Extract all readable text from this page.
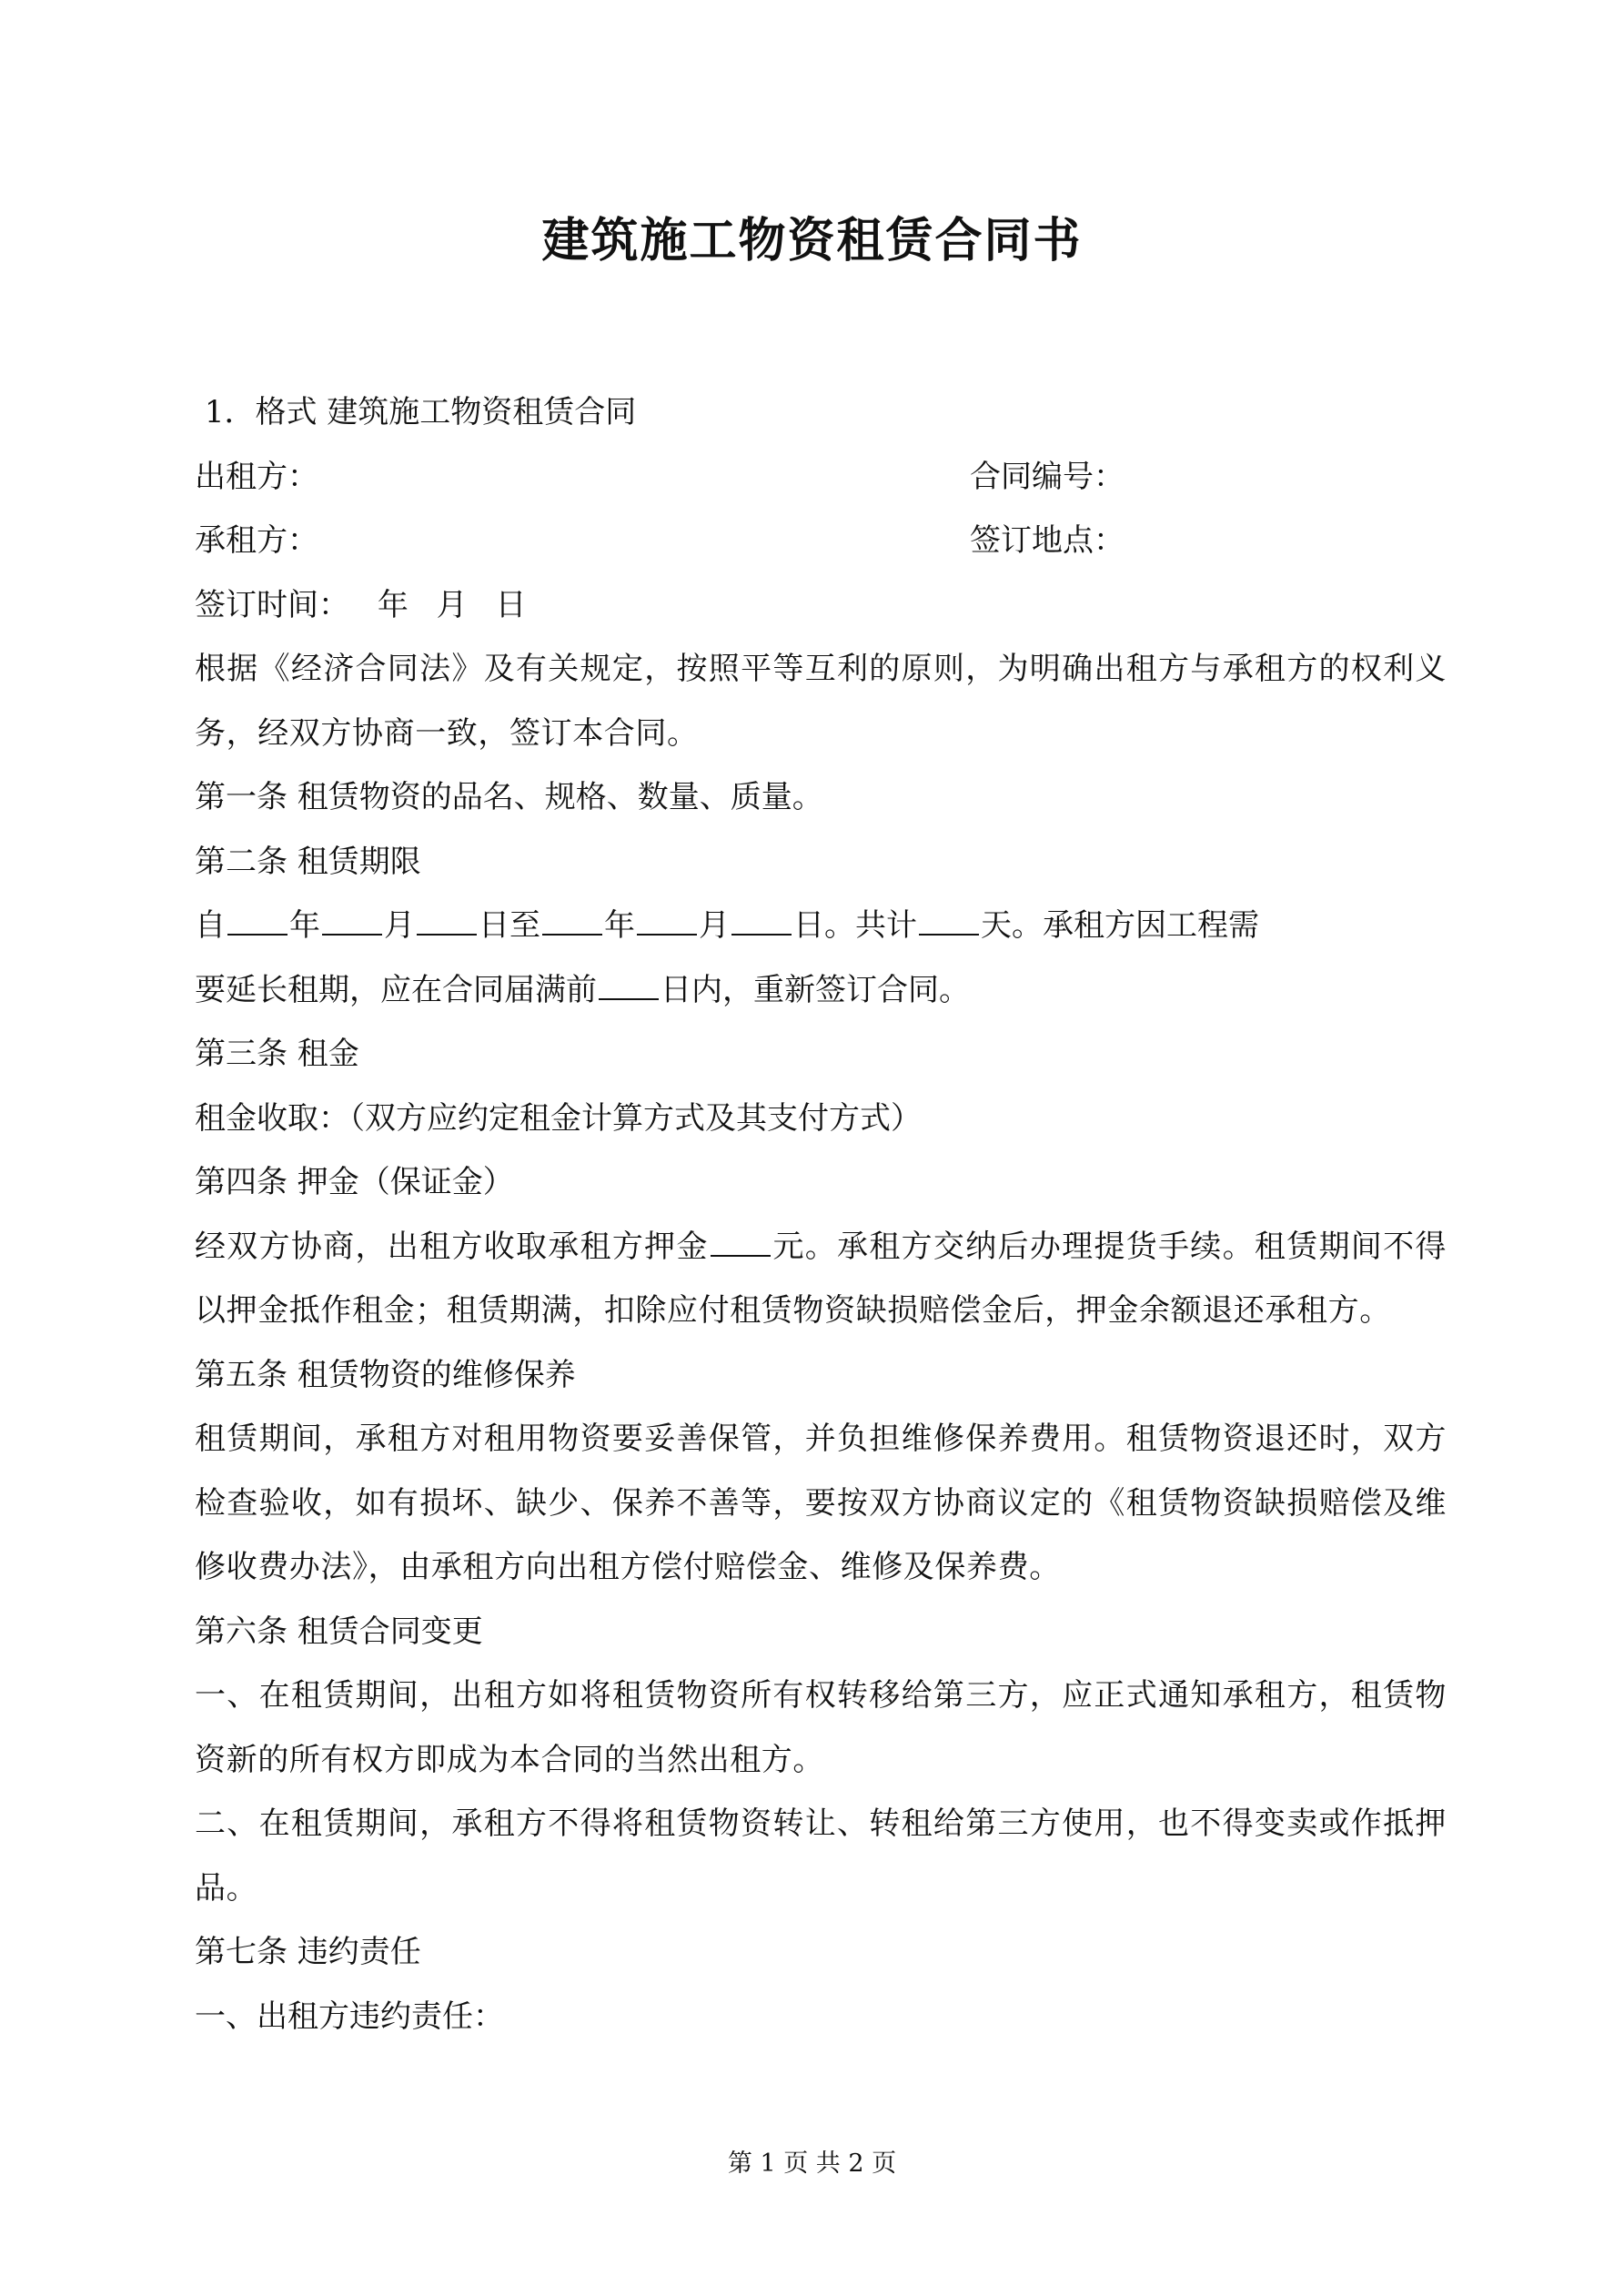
建筑施工物资租赁合同书

1．格式 建筑施工物资租赁合同

出租方：	合同编号：
承租方：	签订地点：

签订时间： 年 月 日

根据《经济合同法》及有关规定，按照平等互利的原则，为明确出租方与承租方的权利义务，经双方协商一致，签订本合同。

第一条 租赁物资的品名、规格、数量、质量。

第二条 租赁期限

自 年 月 日至 年 月 日。共计 天。承租方因工程需

要延长租期，应在合同届满前 日内，重新签订合同。

第三条 租金

租金收取：（双方应约定租金计算方式及其支付方式）

第四条 押金（保证金）

经双方协商，出租方收取承租方押金 元。承租方交纳后办理提货手续。租赁期间不得以押金抵作租金；租赁期满，扣除应付租赁物资缺损赔偿金后，押金余额退还承租方。

第五条 租赁物资的维修保养

租赁期间，承租方对租用物资要妥善保管，并负担维修保养费用。租赁物资退还时，双方检查验收，如有损坏、缺少、保养不善等，要按双方协商议定的《租赁物资缺损赔偿及维修收费办法》，由承租方向出租方偿付赔偿金、维修及保养费。

第六条 租赁合同变更

一、在租赁期间，出租方如将租赁物资所有权转移给第三方，应正式通知承租方，租赁物资新的所有权方即成为本合同的当然出租方。

二、在租赁期间，承租方不得将租赁物资转让、转租给第三方使用，也不得变卖或作抵押品。

第七条 违约责任

一、出租方违约责任：

第 1 页 共 2 页
